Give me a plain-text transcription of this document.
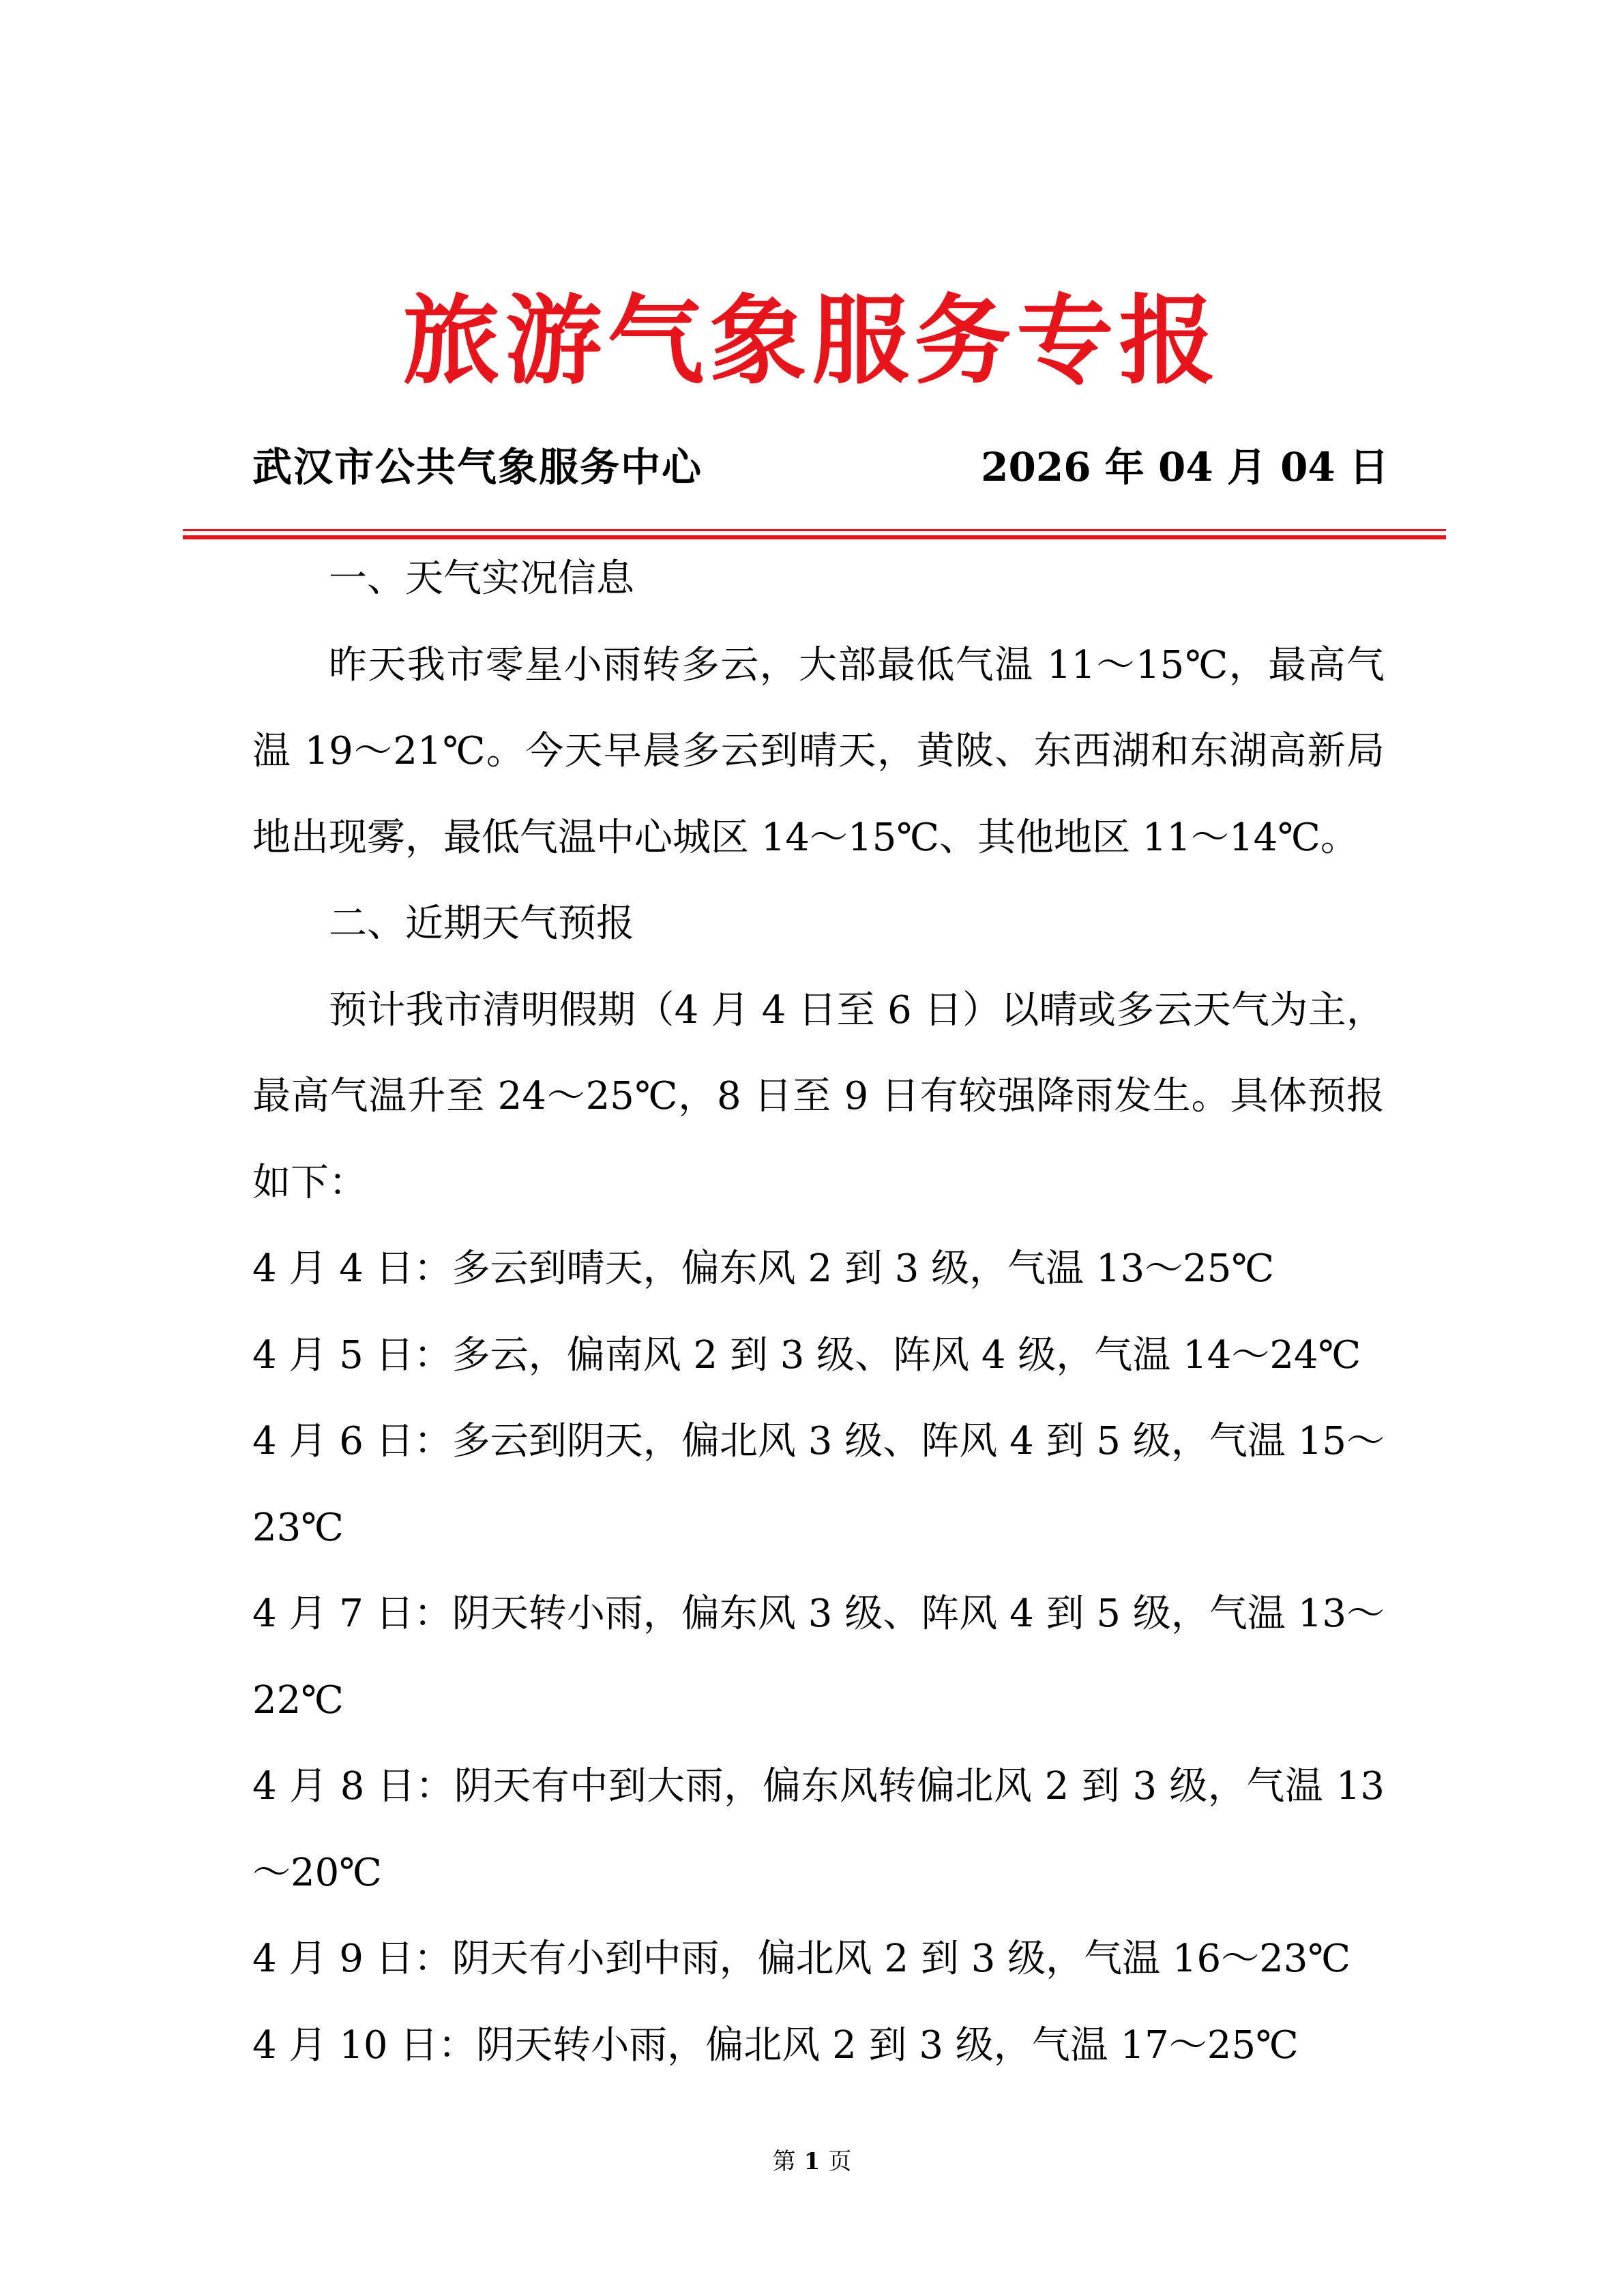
旅游气象服务专报
武汉市公共气象服务中心	2026 年 04 月 04 日

一、天气实况信息

昨天我市零星小雨转多云，大部最低气温 11～15℃，最高气温 19～21℃。今天早晨多云到晴天，黄陂、东西湖和东湖高新局地出现雾，最低气温中心城区 14～15℃、其他地区 11～14℃。

二、近期天气预报

预计我市清明假期（4 月 4 日至 6 日）以晴或多云天气为主，最高气温升至 24～25℃，8 日至 9 日有较强降雨发生。具体预报如下：

4 月 4 日：多云到晴天，偏东风 2 到 3 级，气温 13～25℃

4 月 5 日：多云，偏南风 2 到 3 级、阵风 4 级，气温 14～24℃

4 月 6 日：多云到阴天，偏北风 3 级、阵风 4 到 5 级，气温 15～23℃

4 月 7 日：阴天转小雨，偏东风 3 级、阵风 4 到 5 级，气温 13～22℃

4 月 8 日：阴天有中到大雨，偏东风转偏北风 2 到 3 级，气温 13～20℃

4 月 9 日：阴天有小到中雨，偏北风 2 到 3 级，气温 16～23℃

4 月 10 日：阴天转小雨，偏北风 2 到 3 级，气温 17～25℃

第 1 页
